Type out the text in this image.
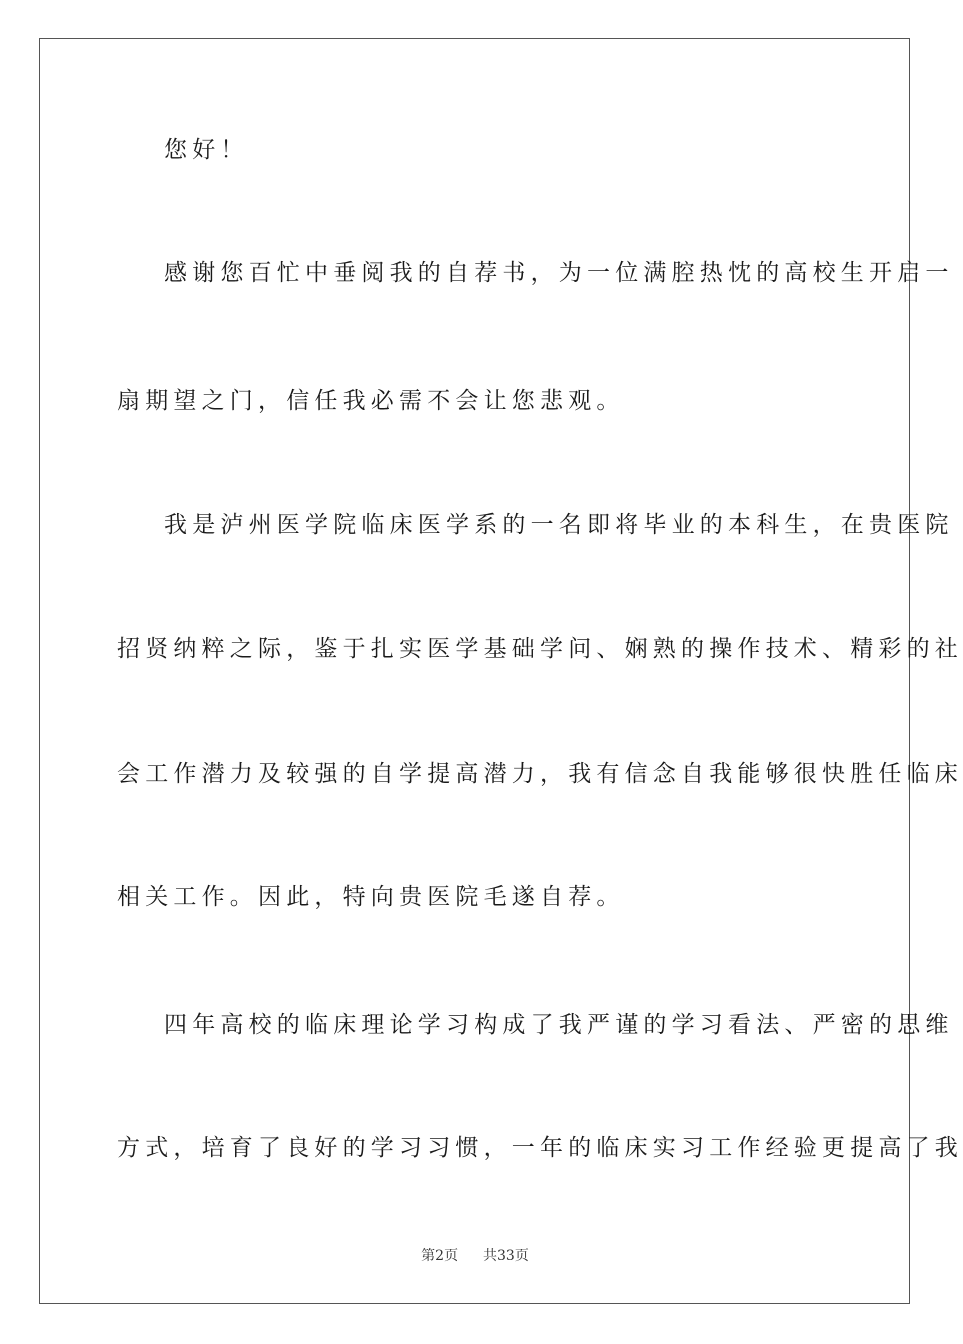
您好！
感谢您百忙中垂阅我的自荐书，为一位满腔热忱的高校生开启一
扇期望之门，信任我必需不会让您悲观。
我是泸州医学院临床医学系的一名即将毕业的本科生，在贵医院
招贤纳粹之际，鉴于扎实医学基础学问、娴熟的操作技术、精彩的社
会工作潜力及较强的自学提高潜力，我有信念自我能够很快胜任临床
相关工作。因此，特向贵医院毛遂自荐。
四年高校的临床理论学习构成了我严谨的学习看法、严密的思维
方式，培育了良好的学习习惯，一年的临床实习工作经验更提高了我
第2页 共33页
